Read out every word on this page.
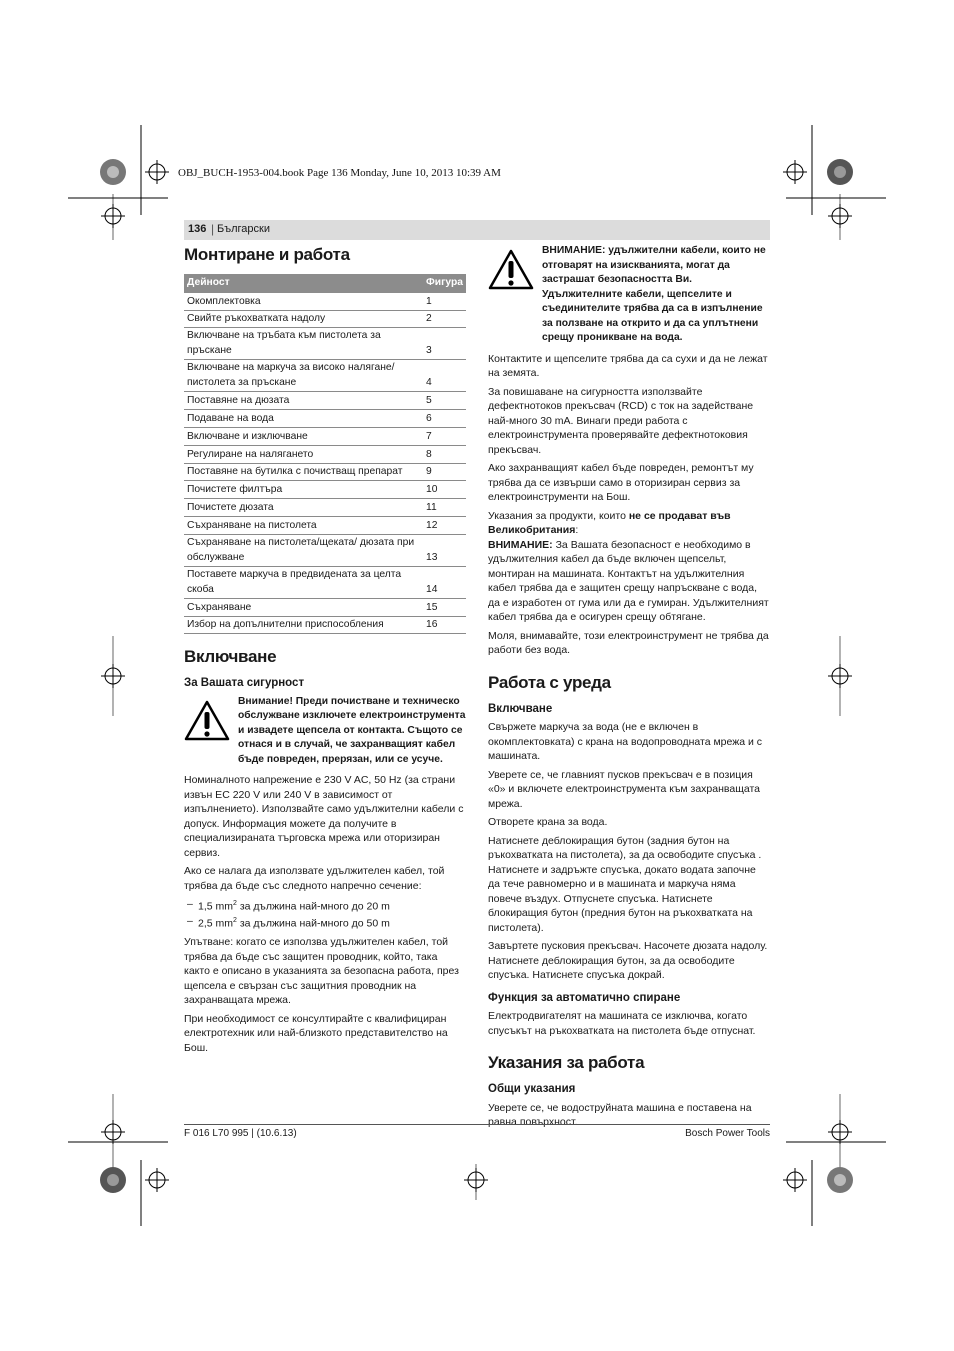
OBJ_BUCH-1953-004.book Page 136 Monday, June 10, 2013 10:39 AM
136 | Български
Монтиране и работа
Дейност	Фигура
Окомплектовка	1
Свийте ръкохватката надолу	2
Включване на тръбата към пистолета за пръскане	3
Включване на маркуча за високо налягане/пистолета за пръскане	4
Поставяне на дюзата	5
Подаване на вода	6
Включване и изключване	7
Регулиране на налягането	8
Поставяне на бутилка с почистващ препарат	9
Почистете филтъра	10
Почистете дюзата	11
Съхраняване на пистолета	12
Съхраняване на пистолета/щеката/ дюзата при обслужване	13
Поставете маркуча в предвидената за целта скоба	14
Съхраняване	15
Избор на допълнителни приспособления	16
Включване
За Вашата сигурност
Внимание! Преди почистване и техническо обслужване изключете електроинструмента и извадете щепсела от контакта. Същото се отнася и в случай, че захранващият кабел бъде повреден, прерязан, или се усуче.

Номиналното напрежение е 230 V AC, 50 Hz (за страни извън ЕС 220 V или 240 V в зависимост от изпълнението). Използвайте само удължителни кабели с допуск. Информация можете да получите в специализираната търговска мрежа или оторизиран сервиз.

Ако се налага да използвате удължителен кабел, той трябва да бъде със следното напречно сечение:

– 1,5 $mm^2$ за дължина най-много до 20 m
– 2,5 $mm^2$ за дължина най-много до 50 m

Упътване: когато се използва удължителен кабел, той трябва да бъде със защитен проводник, който, така както е описано в указанията за безопасна работа, през щепсела е свързан със защитния проводник на захранващата мрежа.

При необходимост се консултирайте с квалифициран електротехник или най-близкото представителство на Бош.

ВНИМАНИЕ: удължителни кабели, които не отговарят на изискванията, могат да застрашат безопасността Ви. Удължителните кабели, щепселите и съединителите трябва да са в изпълнение за ползване на открито и да са уплътнени срещу проникване на вода.

Контактите и щепселите трябва да са сухи и да не лежат на земята.

За повишаване на сигурността използвайте дефектнотоков прекъсвач (RCD) с ток на задействане най-много 30 mA. Винаги преди работа с електроинструмента проверявайте дефектнотоковия прекъсвач.

Ако захранващият кабел бъде повреден, ремонтът му трябва да се извърши само в оторизиран сервиз за електроинструменти на Бош.

Указания за продукти, които не се продават във Великобритания:
ВНИМАНИЕ: За Вашата безопасност е необходимо в удължителния кабел да бъде включен щепсельт, монтиран на машината. Контактът на удължителния кабел трябва да е защитен срещу напръскване с вода, да е изработен от гума или да е гумиран. Удължителният кабел трябва да е осигурен срещу обтягане.

Моля, внимавайте, този електроинструмент не трябва да работи без вода.

Работа с уреда
Включване

Свържете маркуча за вода (не е включен в окомплектовката) с крана на водопроводната мрежа и с машината.

Уверете се, че главният пусков прекъсвач е в позиция «0» и включете електроинструмента към захранващата мрежа.

Отворете крана за вода.

Натиснете деблокиращия бутон (задния бутон на ръкохватката на пистолета), за да освободите спусъка . Натиснете и задръжте спусъка, докато водата започне да тече равномерно и в машината и маркуча няма повече въздух. Отпуснете спусъка. Натиснете блокиращия бутон (предния бутон на ръкохватката на пистолета).

Завъртете пусковия прекъсвач. Насочете дюзата надолу. Натиснете деблокиращия бутон, за да освободите спусъка. Натиснете спусъка докрай.

Функция за автоматично спиране

Електродвигателят на машината се изключва, когато спусъкът на ръкохватката на пистолета бъде отпуснат.

Указания за работа
Общи указания

Уверете се, че водоструйната машина е поставена на равна повърхност.

F 016 L70 995 | (10.6.13)	Bosch Power Tools
